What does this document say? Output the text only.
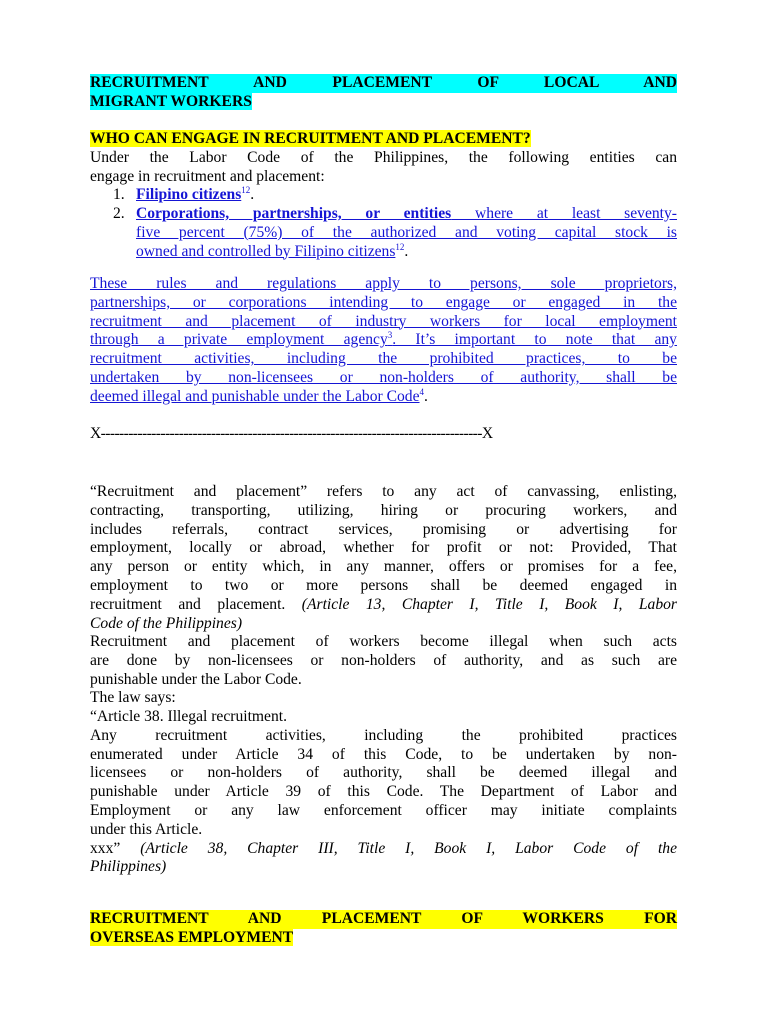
RECRUITMENT	AND	PLACEMENT	OF	LOCAL	AND
MIGRANT WORKERS
WHO CAN ENGAGE IN RECRUITMENT AND PLACEMENT?
Under the Labor Code of the Philippines, the following entities can
engage in recruitment and placement:
1. Filipino citizens$^{12}$.
2. Corporations, partnerships, or entities where at least seventy-
five percent (75%) of the authorized and voting capital stock is
owned and controlled by Filipino citizens$^{12}$.
These rules and regulations apply to persons, sole proprietors,
partnerships, or corporations intending to engage or engaged in the
recruitment and placement of industry workers for local employment
through a private employment agency$^3$. It’s important to note that any
recruitment activities, including the prohibited practices, to be
undertaken by non-licensees or non-holders of authority, shall be
deemed illegal and punishable under the Labor Code$^4$.
X-----------------------------------------------------------------------------------X
“Recruitment and placement” refers to any act of canvassing, enlisting,
contracting, transporting, utilizing, hiring or procuring workers, and
includes referrals, contract services, promising or advertising for
employment, locally or abroad, whether for profit or not: Provided, That
any person or entity which, in any manner, offers or promises for a fee,
employment to two or more persons shall be deemed engaged in
recruitment and placement. (Article 13, Chapter I, Title I, Book I, Labor
Code of the Philippines)
Recruitment and placement of workers become illegal when such acts
are done by non-licensees or non-holders of authority, and as such are
punishable under the Labor Code.
The law says:
“Article 38. Illegal recruitment.
Any recruitment activities, including the prohibited practices
enumerated under Article 34 of this Code, to be undertaken by non-
licensees or non-holders of authority, shall be deemed illegal and
punishable under Article 39 of this Code. The Department of Labor and
Employment or any law enforcement officer may initiate complaints
under this Article.
xxx” (Article 38, Chapter III, Title I, Book I, Labor Code of the
Philippines)
RECRUITMENT	AND	PLACEMENT	OF	WORKERS	FOR
OVERSEAS EMPLOYMENT
